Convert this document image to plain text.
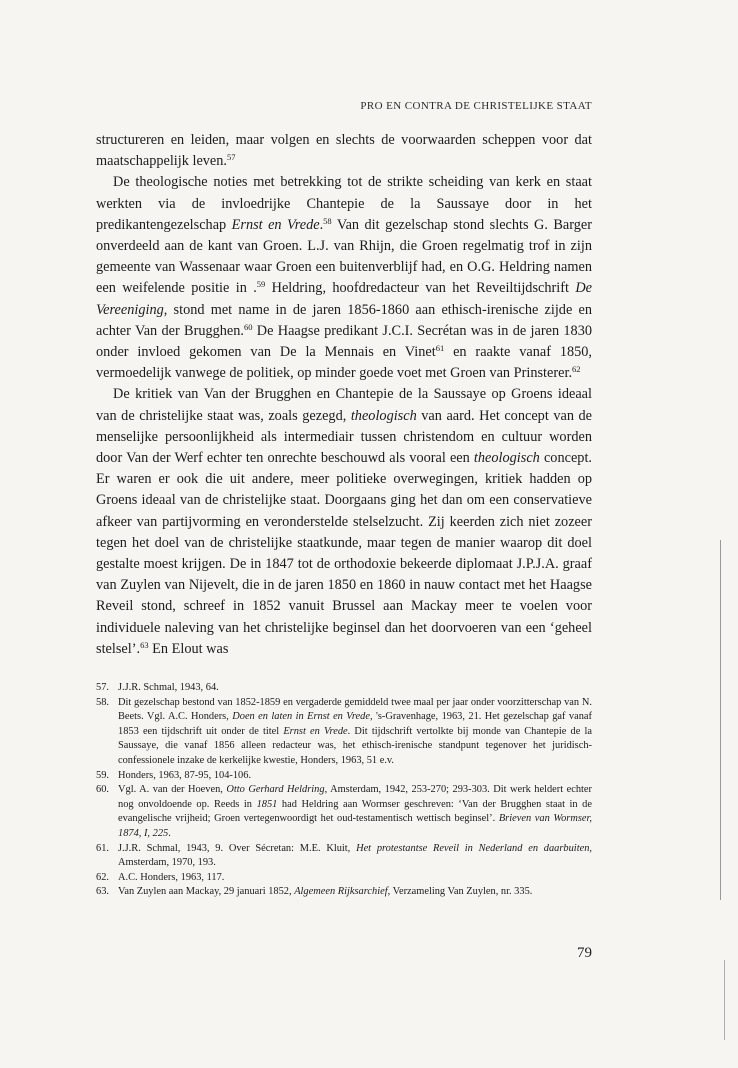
PRO EN CONTRA DE CHRISTELIJKE STAAT

structureren en leiden, maar volgen en slechts de voorwaarden scheppen voor dat maatschappelijk leven.$^{57}$

De theologische noties met betrekking tot de strikte scheiding van kerk en staat werkten via de invloedrijke Chantepie de la Saussaye door in het predikantengezelschap Ernst en Vrede.$^{58}$ Van dit gezelschap stond slechts G. Barger onverdeeld aan de kant van Groen. L.J. van Rhijn, die Groen regelmatig trof in zijn gemeente van Wassenaar waar Groen een buitenverblijf had, en O.G. Heldring namen een weifelende positie in .$^{59}$ Heldring, hoofdredacteur van het Reveiltijdschrift De Vereeniging, stond met name in de jaren 1856-1860 aan ethisch-irenische zijde en achter Van der Brugghen.$^{60}$ De Haagse predikant J.C.I. Secrétan was in de jaren 1830 onder invloed gekomen van De la Mennais en Vinet$^{61}$ en raakte vanaf 1850, vermoedelijk vanwege de politiek, op minder goede voet met Groen van Prinsterer.$^{62}$

De kritiek van Van der Brugghen en Chantepie de la Saussaye op Groens ideaal van de christelijke staat was, zoals gezegd, theologisch van aard. Het concept van de menselijke persoonlijkheid als intermediair tussen christendom en cultuur worden door Van der Werf echter ten onrechte beschouwd als vooral een theologisch concept. Er waren er ook die uit andere, meer politieke overwegingen, kritiek hadden op Groens ideaal van de christelijke staat. Doorgaans ging het dan om een conservatieve afkeer van partijvorming en veronderstelde stelselzucht. Zij keerden zich niet zozeer tegen het doel van de christelijke staatkunde, maar tegen de manier waarop dit doel gestalte moest krijgen. De in 1847 tot de orthodoxie bekeerde diplomaat J.P.J.A. graaf van Zuylen van Nijevelt, die in de jaren 1850 en 1860 in nauw contact met het Haagse Reveil stond, schreef in 1852 vanuit Brussel aan Mackay meer te voelen voor individuele naleving van het christelijke beginsel dan het doorvoeren van een ‘geheel stelsel’.$^{63}$ En Elout was

57. J.J.R. Schmal, 1943, 64.
58. Dit gezelschap bestond van 1852-1859 en vergaderde gemiddeld twee maal per jaar onder voorzitterschap van N. Beets. Vgl. A.C. Honders, Doen en laten in Ernst en Vrede, 's-Gravenhage, 1963, 21. Het gezelschap gaf vanaf 1853 een tijdschrift uit onder de titel Ernst en Vrede. Dit tijdschrift vertolkte bij monde van Chantepie de la Saussaye, die vanaf 1856 alleen redacteur was, het ethisch-irenische standpunt tegenover het juridisch-confessionele inzake de kerkelijke kwestie, Honders, 1963, 51 e.v.
59. Honders, 1963, 87-95, 104-106.
60. Vgl. A. van der Hoeven, Otto Gerhard Heldring, Amsterdam, 1942, 253-270; 293-303. Dit werk heldert echter nog onvoldoende op. Reeds in 1851 had Heldring aan Wormser geschreven: ‘Van der Brugghen staat in de evangelische vrijheid; Groen vertegenwoordigt het oud-testamentisch wettisch beginsel’. Brieven van Wormser, 1874, I, 225.
61. J.J.R. Schmal, 1943, 9. Over Sécretan: M.E. Kluit, Het protestantse Reveil in Nederland en daarbuiten, Amsterdam, 1970, 193.
62. A.C. Honders, 1963, 117.
63. Van Zuylen aan Mackay, 29 januari 1852, Algemeen Rijksarchief, Verzameling Van Zuylen, nr. 335.
79
